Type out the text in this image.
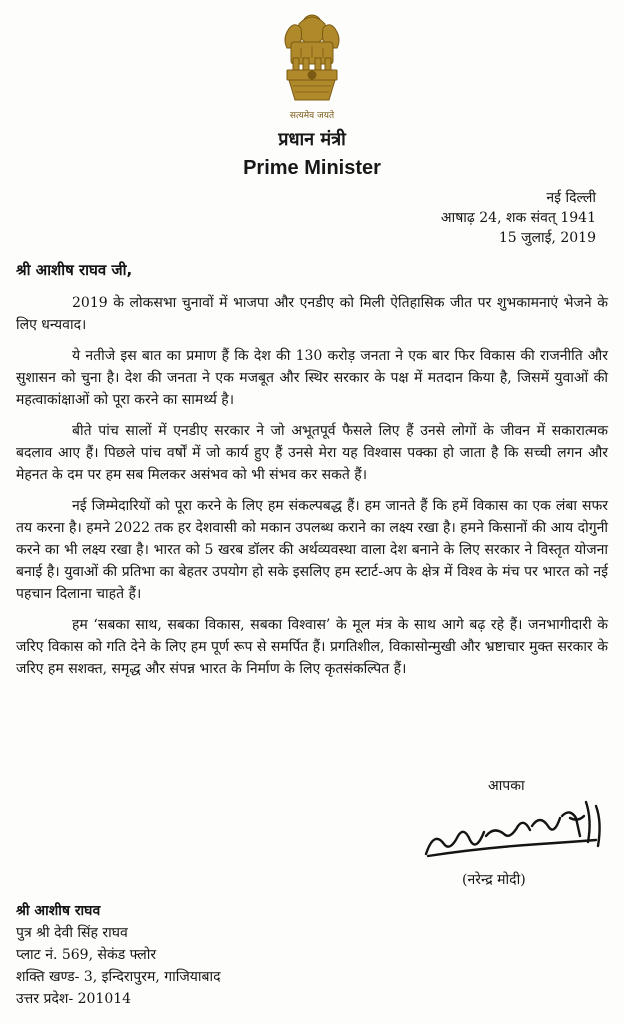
सत्यमेव जयते
प्रधान मंत्री
Prime Minister
नई दिल्ली
आषाढ़ 24, शक संवत् 1941
15 जुलाई, 2019
श्री आशीष राघव जी,

2019 के लोकसभा चुनावों में भाजपा और एनडीए को मिली ऐतिहासिक जीत पर शुभकामनाएं भेजने के लिए धन्यवाद।

ये नतीजे इस बात का प्रमाण हैं कि देश की 130 करोड़ जनता ने एक बार फिर विकास की राजनीति और सुशासन को चुना है। देश की जनता ने एक मजबूत और स्थिर सरकार के पक्ष में मतदान किया है, जिसमें युवाओं की महत्वाकांक्षाओं को पूरा करने का सामर्थ्य है।

बीते पांच सालों में एनडीए सरकार ने जो अभूतपूर्व फैसले लिए हैं उनसे लोगों के जीवन में सकारात्मक बदलाव आए हैं। पिछले पांच वर्षों में जो कार्य हुए हैं उनसे मेरा यह विश्वास पक्का हो जाता है कि सच्ची लगन और मेहनत के दम पर हम सब मिलकर असंभव को भी संभव कर सकते हैं।

नई जिम्मेदारियों को पूरा करने के लिए हम संकल्पबद्ध हैं। हम जानते हैं कि हमें विकास का एक लंबा सफर तय करना है। हमने 2022 तक हर देशवासी को मकान उपलब्ध कराने का लक्ष्य रखा है। हमने किसानों की आय दोगुनी करने का भी लक्ष्य रखा है। भारत को 5 खरब डॉलर की अर्थव्यवस्था वाला देश बनाने के लिए सरकार ने विस्तृत योजना बनाई है। युवाओं की प्रतिभा का बेहतर उपयोग हो सके इसलिए हम स्टार्ट-अप के क्षेत्र में विश्व के मंच पर भारत को नई पहचान दिलाना चाहते हैं।

हम ‘सबका साथ, सबका विकास, सबका विश्वास’ के मूल मंत्र के साथ आगे बढ़ रहे हैं। जनभागीदारी के जरिए विकास को गति देने के लिए हम पूर्ण रूप से समर्पित हैं। प्रगतिशील, विकासोन्मुखी और भ्रष्टाचार मुक्त सरकार के जरिए हम सशक्त, समृद्ध और संपन्न भारत के निर्माण के लिए कृतसंकल्पित हैं।

आपका
(नरेन्द्र मोदी)
श्री आशीष राघव
पुत्र श्री देवी सिंह राघव
प्लाट नं. 569, सेकंड फ्लोर
शक्ति खण्ड- 3, इन्दिरापुरम, गाजियाबाद
उत्तर प्रदेश- 201014
